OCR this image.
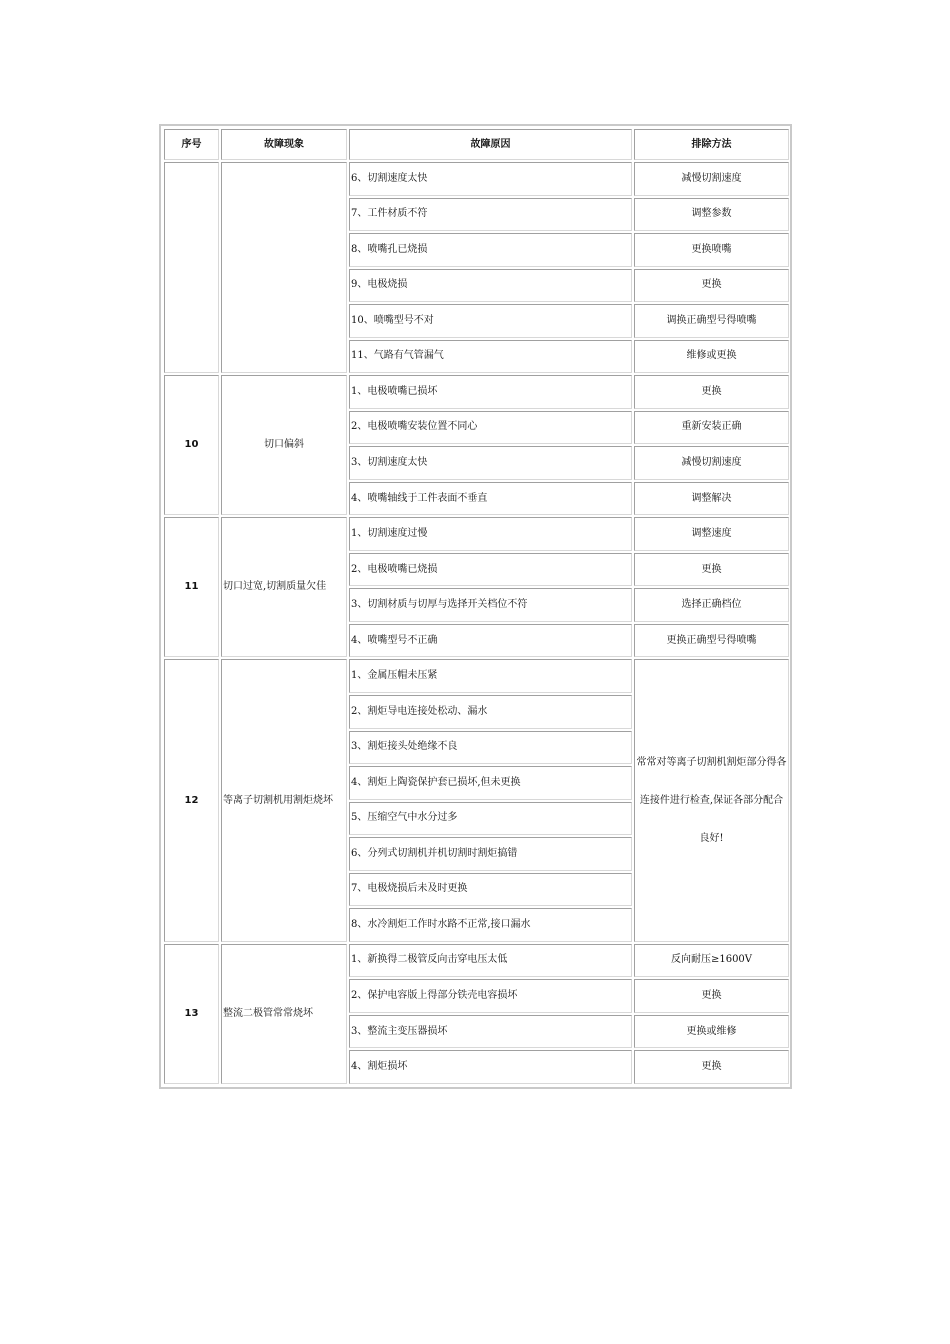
序号	故障现象	故障原因	排除方法
		6、切割速度太快	减慢切割速度
		7、工件材质不符	调整参数
		8、喷嘴孔已烧损	更换喷嘴
		9、电极烧损	更换
		10、喷嘴型号不对	调换正确型号得喷嘴
		11、气路有气管漏气	维修或更换
10	切口偏斜	1、电极喷嘴已损坏	更换
		2、电极喷嘴安装位置不同心	重新安装正确
		3、切割速度太快	减慢切割速度
		4、喷嘴轴线于工件表面不垂直	调整解决
11	切口过宽,切割质量欠佳	1、切割速度过慢	调整速度
		2、电极喷嘴已烧损	更换
		3、切割材质与切厚与选择开关档位不符	选择正确档位
		4、喷嘴型号不正确	更换正确型号得喷嘴
12	等离子切割机用割炬烧坏	1、金属压帽未压紧	常常对等离子切割机割炬部分得各连接件进行检查,保证各部分配合良好!
		2、割炬导电连接处松动、漏水	
		3、割炬接头处绝缘不良	
		4、割炬上陶瓷保护套已损坏,但未更换	
		5、压缩空气中水分过多	
		6、分列式切割机并机切割时割炬搞错	
		7、电极烧损后未及时更换	
		8、水冷割炬工作时水路不正常,接口漏水	
13	整流二极管常常烧坏	1、新换得二极管反向击穿电压太低	反向耐压≥1600V
		2、保护电容版上得部分铁壳电容损坏	更换
		3、整流主变压器损坏	更换或维修
		4、割炬损坏	更换
